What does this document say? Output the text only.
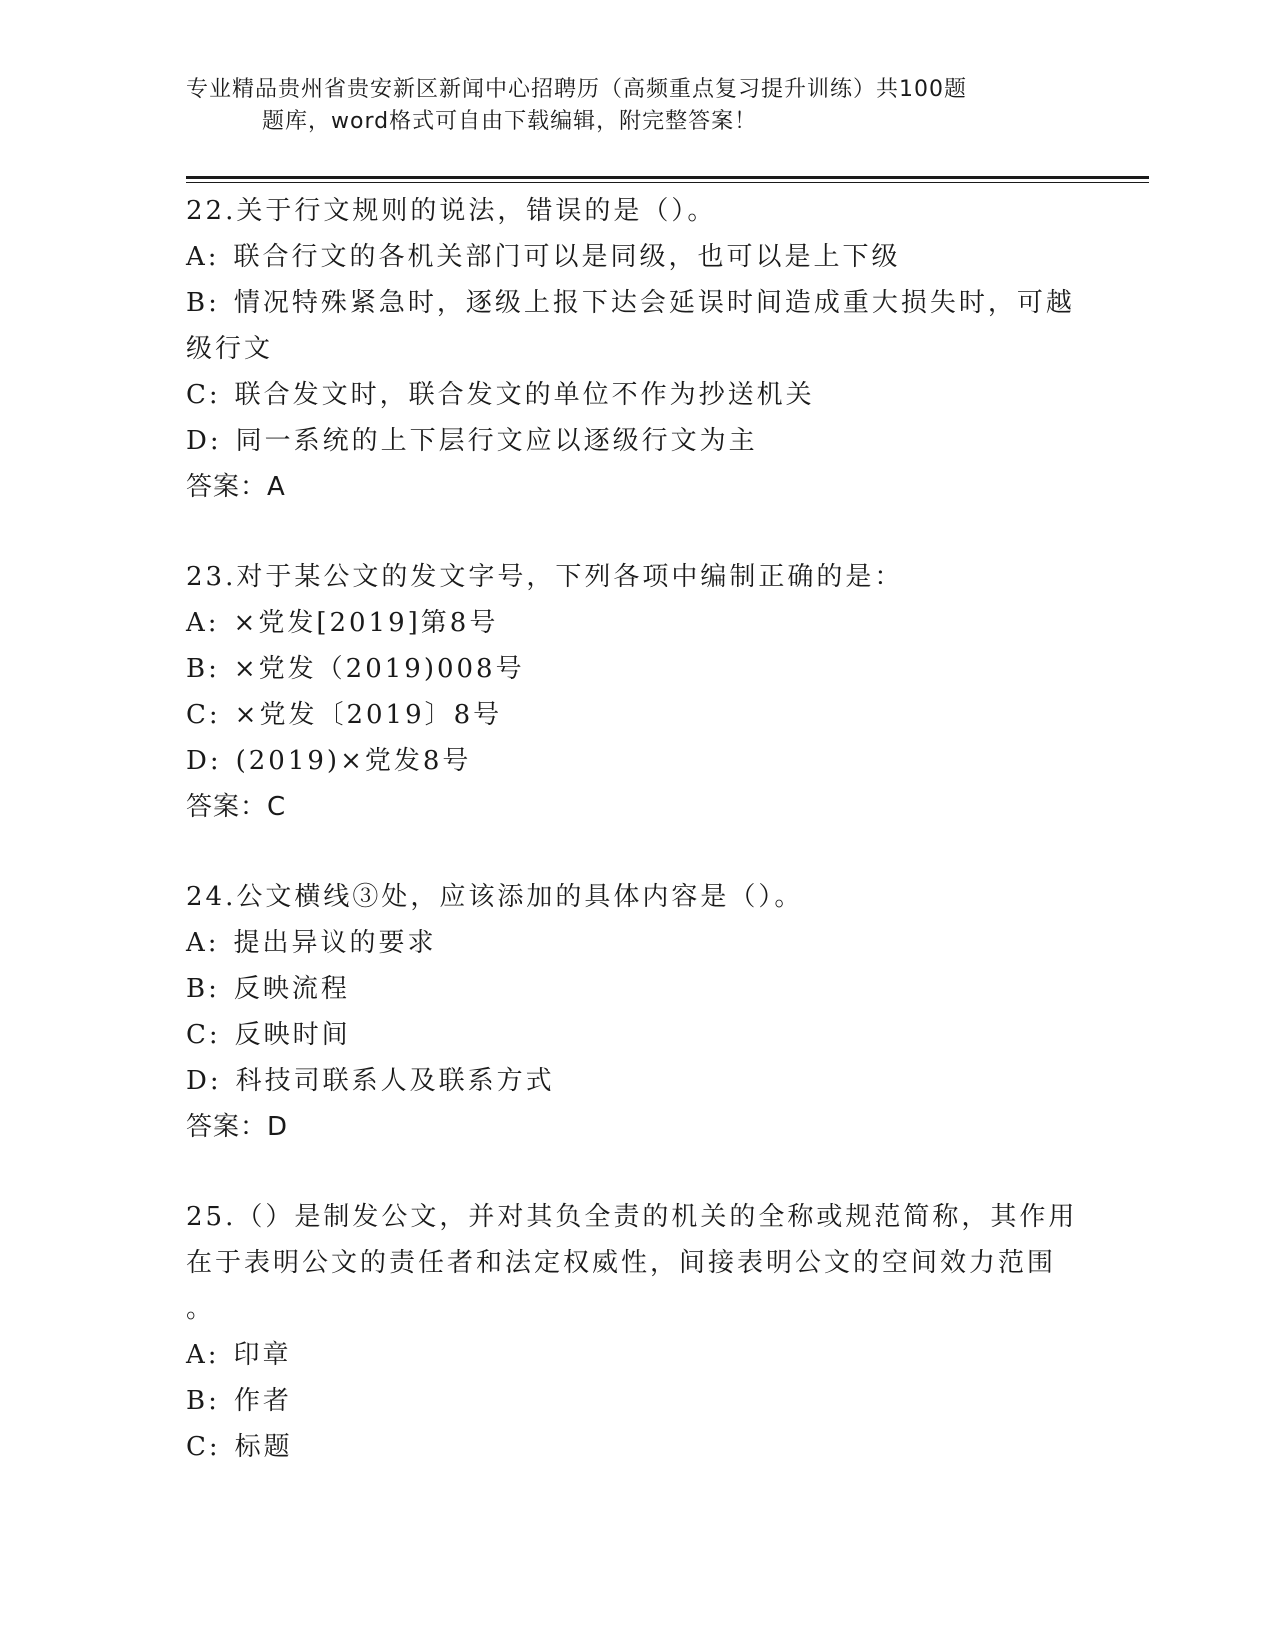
专业精品贵州省贵安新区新闻中心招聘历（高频重点复习提升训练）共100题
题库，word格式可自由下载编辑，附完整答案！

22.关于行文规则的说法，错误的是（）。

A: 联合行文的各机关部门可以是同级，也可以是上下级

B: 情况特殊紧急时，逐级上报下达会延误时间造成重大损失时，可越

级行文

C: 联合发文时，联合发文的单位不作为抄送机关

D: 同一系统的上下层行文应以逐级行文为主

答案：A

23.对于某公文的发文字号，下列各项中编制正确的是：

A: ×党发[2019]第8号

B: ×党发（2019)008号

C: ×党发〔2019〕8号

D: (2019)×党发8号

答案：C

24.公文横线③处，应该添加的具体内容是（）。

A: 提出异议的要求

B: 反映流程

C: 反映时间

D: 科技司联系人及联系方式

答案：D

25.（）是制发公文，并对其负全责的机关的全称或规范简称，其作用

在于表明公文的责任者和法定权威性，间接表明公文的空间效力范围

。

A: 印章

B: 作者

C: 标题
